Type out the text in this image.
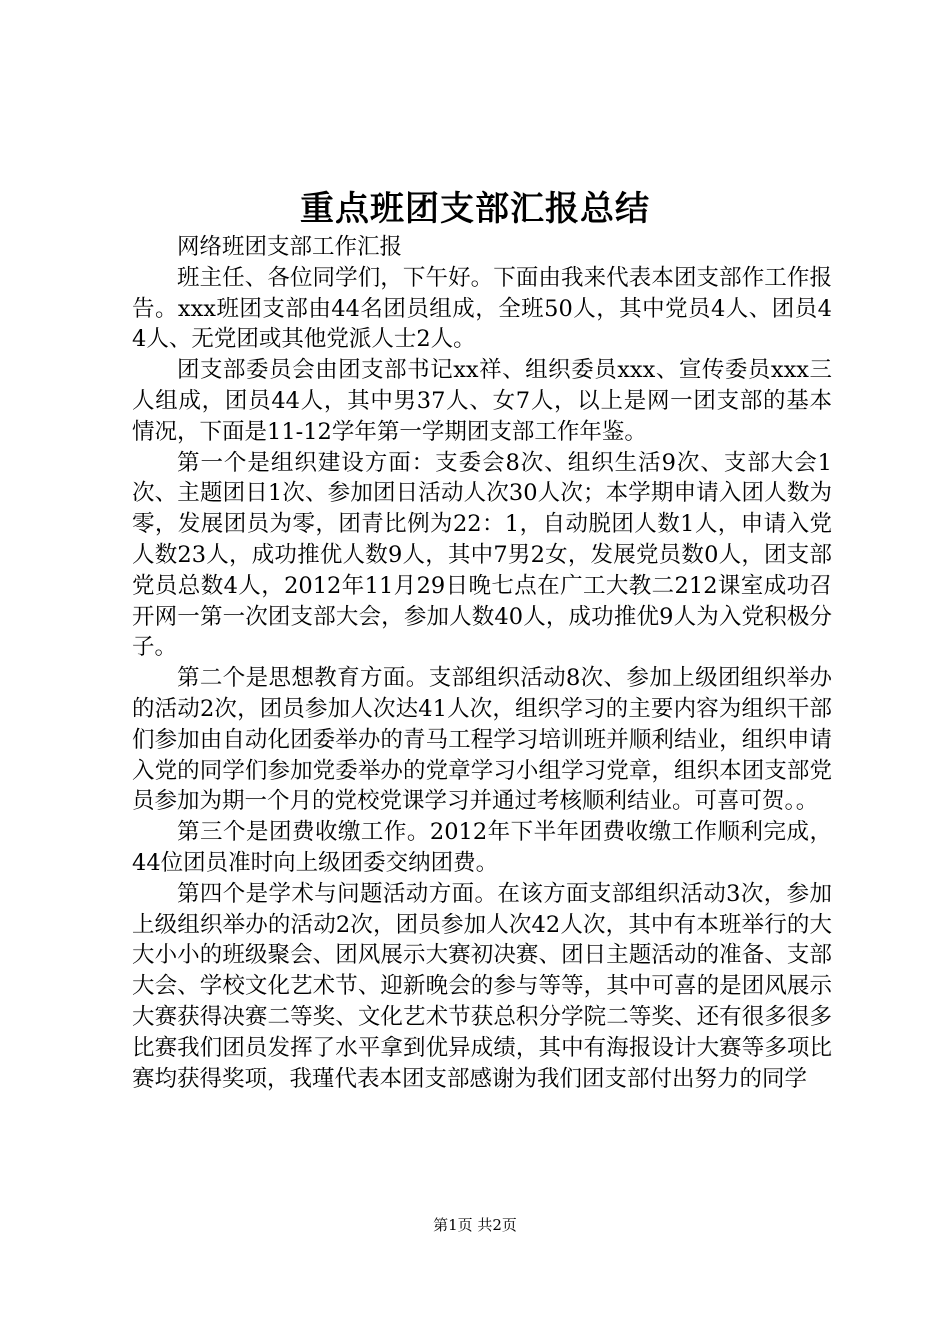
重点班团支部汇报总结

网络班团支部工作汇报

班主任、各位同学们，下午好。下面由我来代表本团支部作工作报告。xxx班团支部由44名团员组成，全班50人，其中党员4人、团员44人、无党团或其他党派人士2人。

团支部委员会由团支部书记xx祥、组织委员xxx、宣传委员xxx三人组成，团员44人，其中男37人、女7人，以上是网一团支部的基本情况，下面是11-12学年第一学期团支部工作年鉴。

第一个是组织建设方面：支委会8次、组织生活9次、支部大会1次、主题团日1次、参加团日活动人次30人次；本学期申请入团人数为零，发展团员为零，团青比例为22：1，自动脱团人数1人，申请入党人数23人，成功推优人数9人，其中7男2女，发展党员数0人，团支部党员总数4人，2012年11月29日晚七点在广工大教二212课室成功召开网一第一次团支部大会，参加人数40人，成功推优9人为入党积极分子。

第二个是思想教育方面。支部组织活动8次、参加上级团组织举办的活动2次，团员参加人次达41人次，组织学习的主要内容为组织干部们参加由自动化团委举办的青马工程学习培训班并顺利结业，组织申请入党的同学们参加党委举办的党章学习小组学习党章，组织本团支部党员参加为期一个月的党校党课学习并通过考核顺利结业。可喜可贺。。

第三个是团费收缴工作。2012年下半年团费收缴工作顺利完成，44位团员准时向上级团委交纳团费。

第四个是学术与问题活动方面。在该方面支部组织活动3次，参加上级组织举办的活动2次，团员参加人次42人次，其中有本班举行的大大小小的班级聚会、团风展示大赛初决赛、团日主题活动的准备、支部大会、学校文化艺术节、迎新晚会的参与等等，其中可喜的是团风展示大赛获得决赛二等奖、文化艺术节获总积分学院二等奖、还有很多很多比赛我们团员发挥了水平拿到优异成绩，其中有海报设计大赛等多项比赛均获得奖项，我瑾代表本团支部感谢为我们团支部付出努力的同学

第1页 共2页
